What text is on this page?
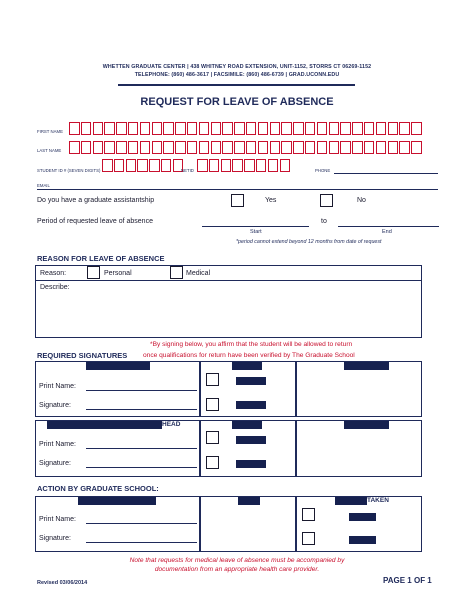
WHETTEN GRADUATE CENTER | 438 WHITNEY ROAD EXTENSION, UNIT-1152, STORRS CT 06269-1152
TELEPHONE: (860) 486-3617 | FACSIMILE: (860) 486-6739 | GRAD.UCONN.EDU
REQUEST FOR LEAVE OF ABSENCE
FIRST NAME
LAST NAME
STUDENT ID # (SEVEN DIGITS)	NETID	PHONE
EMAIL
Do you have a graduate assistantship	Yes	No
Period of requested leave of absence	to
Start	End
*period cannot extend beyond 12 months from date of request
REASON FOR LEAVE OF ABSENCE
Reason:	Personal	Medical
Describe:
*By signing below, you affirm that the student will be allowed to return
REQUIRED SIGNATURES once qualifications for return have been verified by The Graduate School
Print Name:
Signature:
HEAD
Print Name:
Signature:
ACTION BY GRADUATE SCHOOL:
Print Name:
Signature:
TAKEN
Note that requests for medical leave of absence must be accompanied by
documentation from an appropriate health care provider.
Revised 03/06/2014	PAGE 1 OF 1
